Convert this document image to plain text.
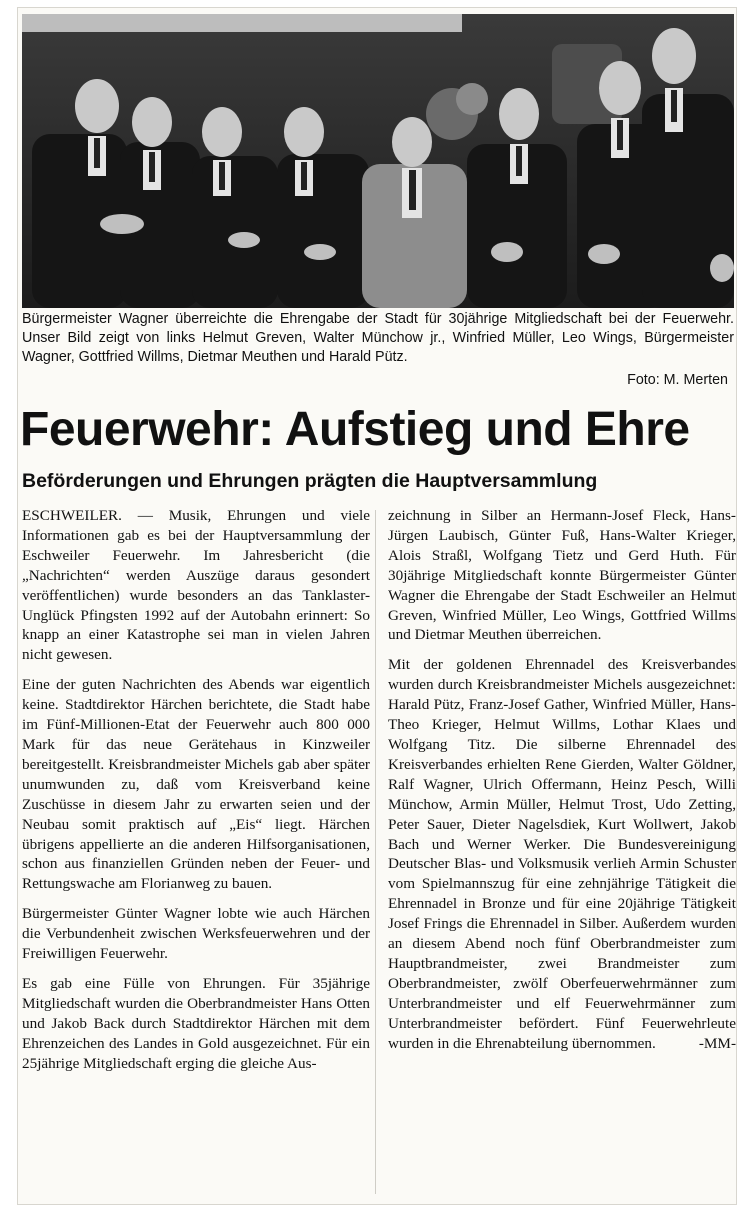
Bürgermeister Wagner überreichte die Ehrengabe der Stadt für 30jährige Mitgliedschaft bei der Feuerwehr. Unser Bild zeigt von links Helmut Greven, Walter Münchow jr., Winfried Müller, Leo Wings, Bürgermeister Wagner, Gottfried Willms, Dietmar Meuthen und Harald Pütz.

Foto: M. Merten
Feuerwehr: Aufstieg und Ehre
Beförderungen und Ehrungen prägten die Hauptversammlung

ESCHWEILER. — Musik, Ehrungen und viele Informationen gab es bei der Hauptversammlung der Eschweiler Feuerwehr. Im Jahresbericht (die „Nachrichten“ werden Auszüge daraus gesondert veröffentlichen) wurde besonders an das Tanklaster-Unglück Pfingsten 1992 auf der Autobahn erinnert: So knapp an einer Katastrophe sei man in vielen Jahren nicht gewesen.

Eine der guten Nachrichten des Abends war eigentlich keine. Stadtdirektor Härchen berichtete, die Stadt habe im Fünf-Millionen-Etat der Feuerwehr auch 800 000 Mark für das neue Gerätehaus in Kinzweiler bereitgestellt. Kreisbrandmeister Michels gab aber später unumwunden zu, daß vom Kreisverband keine Zuschüsse in diesem Jahr zu erwarten seien und der Neubau somit praktisch auf „Eis“ liegt. Härchen übrigens appellierte an die anderen Hilfsorganisationen, schon aus finanziellen Gründen neben der Feuer- und Rettungswache am Florianweg zu bauen.

Bürgermeister Günter Wagner lobte wie auch Härchen die Verbundenheit zwischen Werksfeuerwehren und der Freiwilligen Feuerwehr.

Es gab eine Fülle von Ehrungen. Für 35jährige Mitgliedschaft wurden die Oberbrandmeister Hans Otten und Jakob Back durch Stadtdirektor Härchen mit dem Ehrenzeichen des Landes in Gold ausgezeichnet. Für ein 25jährige Mitgliedschaft erging die gleiche Aus-

zeichnung in Silber an Hermann-Josef Fleck, Hans-Jürgen Laubisch, Günter Fuß, Hans-Walter Krieger, Alois Straßl, Wolfgang Tietz und Gerd Huth. Für 30jährige Mitgliedschaft konnte Bürgermeister Günter Wagner die Ehrengabe der Stadt Eschweiler an Helmut Greven, Winfried Müller, Leo Wings, Gottfried Willms und Dietmar Meuthen überreichen.

Mit der goldenen Ehrennadel des Kreisverbandes wurden durch Kreisbrandmeister Michels ausgezeichnet: Harald Pütz, Franz-Josef Gather, Winfried Müller, Hans-Theo Krieger, Helmut Willms, Lothar Klaes und Wolfgang Titz. Die silberne Ehrennadel des Kreisverbandes erhielten Rene Gierden, Walter Göldner, Ralf Wagner, Ulrich Offermann, Heinz Pesch, Willi Münchow, Armin Müller, Helmut Trost, Udo Zetting, Peter Sauer, Dieter Nagelsdiek, Kurt Wollwert, Jakob Bach und Werner Werker. Die Bundesvereinigung Deutscher Blas- und Volksmusik verlieh Armin Schuster vom Spielmannszug für eine zehnjährige Tätigkeit die Ehrennadel in Bronze und für eine 20jährige Tätigkeit Josef Frings die Ehrennadel in Silber. Außerdem wurden an diesem Abend noch fünf Oberbrandmeister zum Hauptbrandmeister, zwei Brandmeister zum Oberbrandmeister, zwölf Oberfeuerwehrmänner zum Unterbrandmeister und elf Feuerwehrmänner zum Unterbrandmeister befördert. Fünf Feuerwehrleute wurden in die Ehrenabteilung übernommen.	-MM-
